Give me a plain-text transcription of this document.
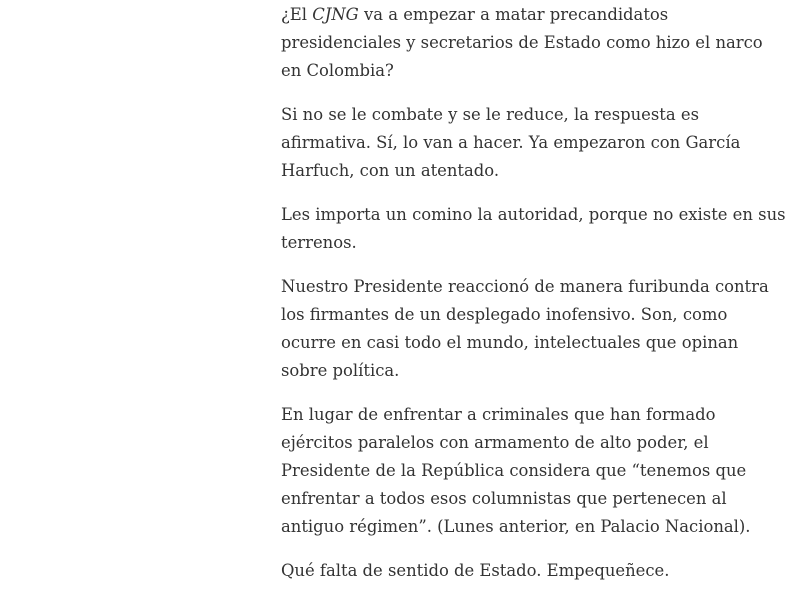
¿El CJNG va a empezar a matar precandidatos presidenciales y secretarios de Estado como hizo el narco en Colombia?

Si no se le combate y se le reduce, la respuesta es afirmativa. Sí, lo van a hacer. Ya empezaron con García Harfuch, con un atentado.

Les importa un comino la autoridad, porque no existe en sus terrenos.

Nuestro Presidente reaccionó de manera furibunda contra los firmantes de un desplegado inofensivo. Son, como ocurre en casi todo el mundo, intelectuales que opinan sobre política.

En lugar de enfrentar a criminales que han formado ejércitos paralelos con armamento de alto poder, el Presidente de la República considera que “tenemos que enfrentar a todos esos columnistas que pertenecen al antiguo régimen”. (Lunes anterior, en Palacio Nacional).

Qué falta de sentido de Estado. Empequeñece.
